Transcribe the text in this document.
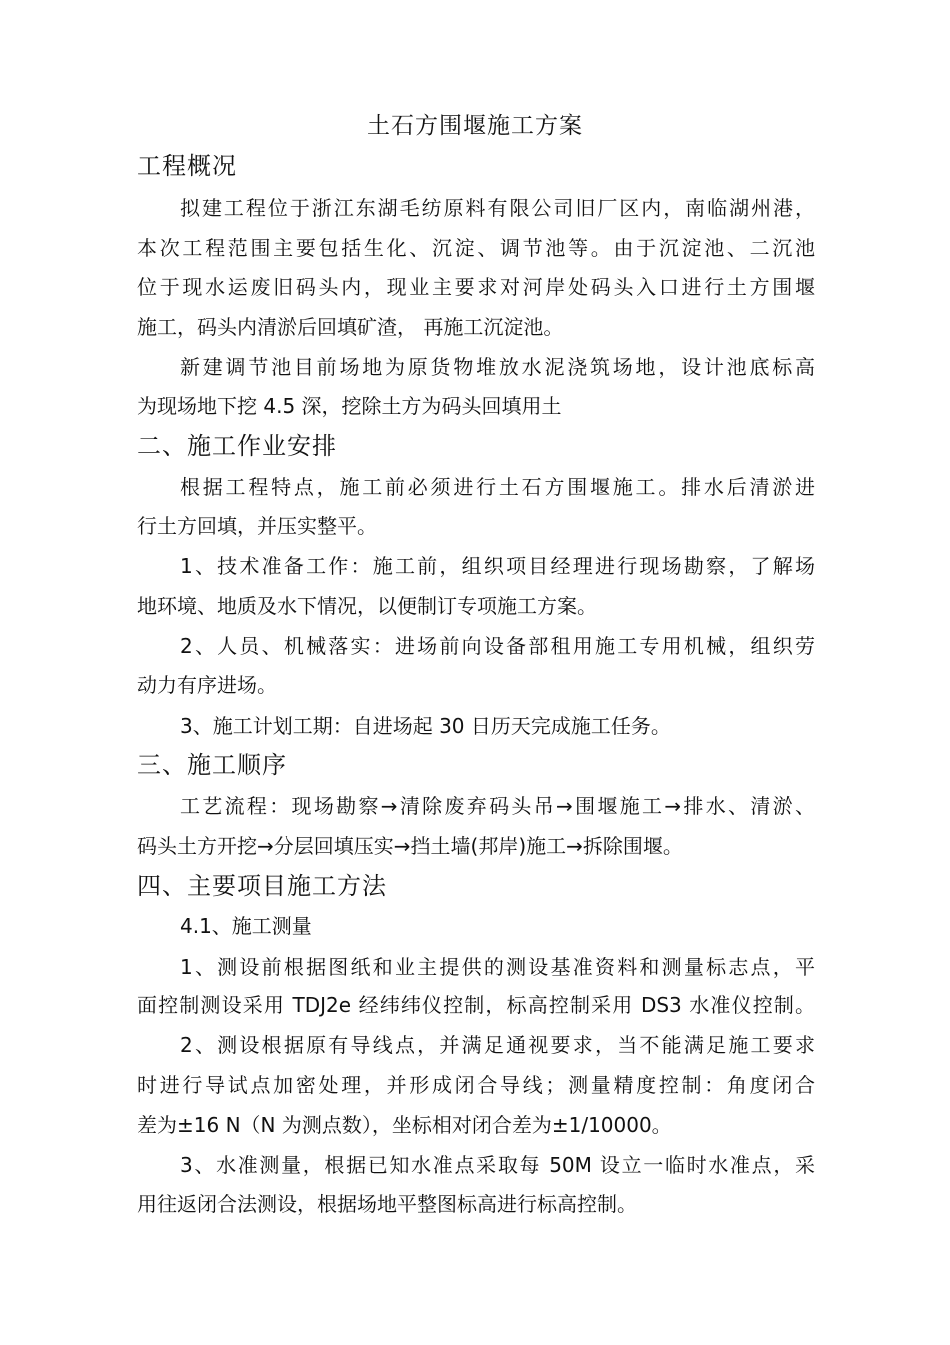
土石方围堰施工方案
工程概况
拟建工程位于浙江东湖毛纺原料有限公司旧厂区内，南临湖州港，
本次工程范围主要包括生化、沉淀、调节池等。由于沉淀池、二沉池
位于现水运废旧码头内，现业主要求对河岸处码头入口进行土方围堰
施工，码头内清淤后回填矿渣， 再施工沉淀池。
新建调节池目前场地为原货物堆放水泥浇筑场地，设计池底标高
为现场地下挖 4.5 深，挖除土方为码头回填用土
二、施工作业安排
根据工程特点，施工前必须进行土石方围堰施工。排水后清淤进
行土方回填，并压实整平。
1、技术准备工作：施工前，组织项目经理进行现场勘察，了解场
地环境、地质及水下情况，以便制订专项施工方案。
2、人员、机械落实：进场前向设备部租用施工专用机械，组织劳
动力有序进场。
3、施工计划工期：自进场起 30 日历天完成施工任务。
三、施工顺序
工艺流程：现场勘察→清除废弃码头吊→围堰施工→排水、清淤、
码头土方开挖→分层回填压实→挡土墙(邦岸)施工→拆除围堰。
四、主要项目施工方法
4.1、施工测量
1、测设前根据图纸和业主提供的测设基准资料和测量标志点，平
面控制测设采用 TDJ2e 经纬纬仪控制，标高控制采用 DS3 水准仪控制。
2、测设根据原有导线点，并满足通视要求，当不能满足施工要求
时进行导试点加密处理，并形成闭合导线；测量精度控制：角度闭合
差为±16 N（N 为测点数），坐标相对闭合差为±1/10000。
3、水准测量，根据已知水准点采取每 50M 设立一临时水准点，采
用往返闭合法测设，根据场地平整图标高进行标高控制。
